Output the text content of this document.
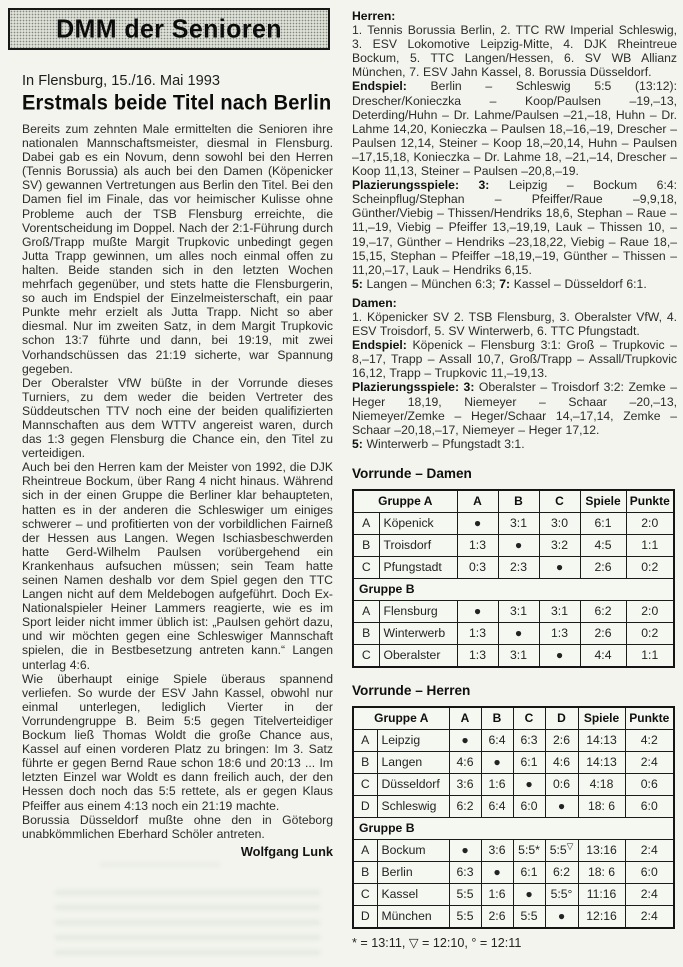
DMM der Senioren
In Flensburg, 15./16. Mai 1993
Erstmals beide Titel nach Berlin

Bereits zum zehnten Male ermittelten die Senioren ihre nationalen Mannschaftsmeister, diesmal in Flensburg. Dabei gab es ein Novum, denn sowohl bei den Herren (Tennis Borussia) als auch bei den Damen (Köpenicker SV) gewannen Vertretungen aus Berlin den Titel. Bei den Damen fiel im Finale, das vor heimischer Kulisse ohne Probleme auch der TSB Flensburg erreichte, die Vorentscheidung im Doppel. Nach der 2:1-Führung durch Groß/Trapp mußte Margit Trupkovic unbedingt gegen Jutta Trapp gewinnen, um alles noch einmal offen zu halten. Beide standen sich in den letzten Wochen mehrfach gegenüber, und stets hatte die Flensburgerin, so auch im Endspiel der Einzelmeisterschaft, ein paar Punkte mehr erzielt als Jutta Trapp. Nicht so aber diesmal. Nur im zweiten Satz, in dem Margit Trupkovic schon 13:7 führte und dann, bei 19:19, mit zwei Vorhandschüssen das 21:19 sicherte, war Spannung gegeben.

Der Oberalster VfW büßte in der Vorrunde dieses Turniers, zu dem weder die beiden Vertreter des Süddeutschen TTV noch eine der beiden qualifizierten Mannschaften aus dem WTTV angereist waren, durch das 1:3 gegen Flensburg die Chance ein, den Titel zu verteidigen.

Auch bei den Herren kam der Meister von 1992, die DJK Rheintreue Bockum, über Rang 4 nicht hinaus. Während sich in der einen Gruppe die Berliner klar behaupteten, hatten es in der anderen die Schleswiger um einiges schwerer – und profitierten von der vorbildlichen Fairneß der Hessen aus Langen. Wegen Ischiasbeschwerden hatte Gerd-Wilhelm Paulsen vorübergehend ein Krankenhaus aufsuchen müssen; sein Team hatte seinen Namen deshalb vor dem Spiel gegen den TTC Langen nicht auf dem Meldebogen aufgeführt. Doch Ex-Nationalspieler Heiner Lammers reagierte, wie es im Sport leider nicht immer üblich ist: „Paulsen gehört dazu, und wir möchten gegen eine Schleswiger Mannschaft spielen, die in Bestbesetzung antreten kann.“ Langen unterlag 4:6.

Wie überhaupt einige Spiele überaus spannend verliefen. So wurde der ESV Jahn Kassel, obwohl nur einmal unterlegen, lediglich Vierter in der Vorrundengruppe B. Beim 5:5 gegen Titelverteidiger Bockum ließ Thomas Woldt die große Chance aus, Kassel auf einen vorderen Platz zu bringen: Im 3. Satz führte er gegen Bernd Raue schon 18:6 und 20:13 ... Im letzten Einzel war Woldt es dann freilich auch, der den Hessen doch noch das 5:5 rettete, als er gegen Klaus Pfeiffer aus einem 4:13 noch ein 21:19 machte.

Borussia Düsseldorf mußte ohne den in Göteborg unabkömmlichen Eberhard Schöler antreten.

Wolfgang Lunk

Herren:

1. Tennis Borussia Berlin, 2. TTC RW Imperial Schleswig, 3. ESV Lokomotive Leipzig-Mitte, 4. DJK Rheintreue Bockum, 5. TTC Langen/Hessen, 6. SV WB Allianz München, 7. ESV Jahn Kassel, 8. Borussia Düsseldorf.

Endspiel: Berlin – Schleswig 5:5 (13:12): Drescher/Konieczka – Koop/Paulsen –19,–13, Deterding/Huhn – Dr. Lahme/Paulsen –21,–18, Huhn – Dr. Lahme 14,20, Konieczka – Paulsen 18,–16,–19, Drescher – Paulsen 12,14, Steiner – Koop 18,–20,14, Huhn – Paulsen –17,15,18, Konieczka – Dr. Lahme 18, –21,–14, Drescher – Koop 11,13, Steiner – Paulsen –20,8,–19.

Plazierungsspiele: 3: Leipzig – Bockum 6:4: Scheinpflug/Stephan – Pfeiffer/Raue –9,9,18, Günther/Viebig – Thissen/Hendriks 18,6, Stephan – Raue –11,–19, Viebig – Pfeiffer 13,–19,19, Lauk – Thissen 10, –19,–17, Günther – Hendriks –23,18,22, Viebig – Raue 18,–15,15, Stephan – Pfeiffer –18,19,–19, Günther – Thissen –11,20,–17, Lauk – Hendriks 6,15.

5: Langen – München 6:3; 7: Kassel – Düsseldorf 6:1.

Damen:

1. Köpenicker SV 2. TSB Flensburg, 3. Oberalster VfW, 4. ESV Troisdorf, 5. SV Winterwerb, 6. TTC Pfungstadt.

Endspiel: Köpenick – Flensburg 3:1: Groß – Trupkovic –8,–17, Trapp – Assall 10,7, Groß/Trapp – Assall/Trupkovic 16,12, Trapp – Trupkovic 11,–19,13.

Plazierungsspiele: 3: Oberalster – Troisdorf 3:2: Zemke – Heger 18,19, Niemeyer – Schaar –20,–13, Niemeyer/Zemke – Heger/Schaar 14,–17,14, Zemke – Schaar –20,18,–17, Niemeyer – Heger 17,12.

5: Winterwerb – Pfungstadt 3:1.

Vorrunde – Damen
Gruppe A		A	B	C	Spiele	Punkte
A	Köpenick	●	3:1	3:0	6:1	2:0
B	Troisdorf	1:3	●	3:2	4:5	1:1
C	Pfungstadt	0:3	2:3	●	2:6	0:2
Gruppe B						
A	Flensburg	●	3:1	3:1	6:2	2:0
B	Winterwerb	1:3	●	1:3	2:6	0:2
C	Oberalster	1:3	3:1	●	4:4	1:1
Vorrunde – Herren
Gruppe A		A	B	C	D	Spiele	Punkte
A	Leipzig	●	6:4	6:3	2:6	14:13	4:2
B	Langen	4:6	●	6:1	4:6	14:13	2:4
C	Düsseldorf	3:6	1:6	●	0:6	4:18	0:6
D	Schleswig	6:2	6:4	6:0	●	18: 6	6:0
Gruppe B							
A	Bockum	●	3:6	5:5*	5:5▽	13:16	2:4
B	Berlin	6:3	●	6:1	6:2	18: 6	6:0
C	Kassel	5:5	1:6	●	5:5°	11:16	2:4
D	München	5:5	2:6	5:5	●	12:16	2:4
* = 13:11, ▽ = 12:10, ° = 12:11
